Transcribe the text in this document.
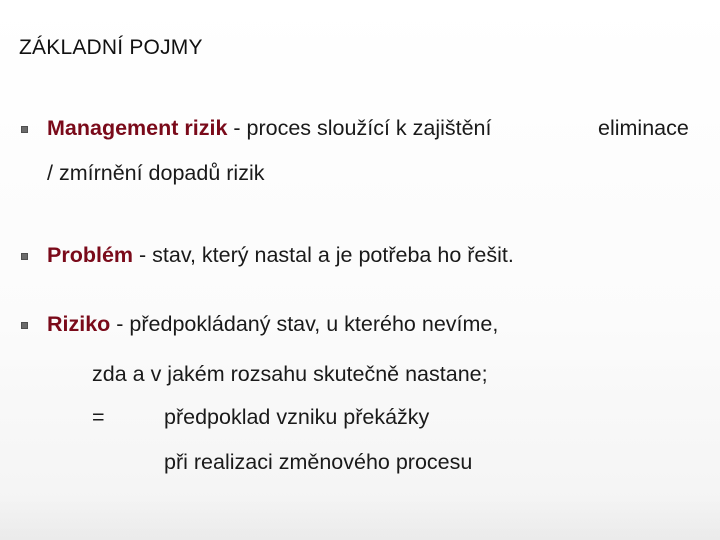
ZÁKLADNÍ POJMY
Management rizik - proces sloužící k zajištění	eliminace
/ zmírnění dopadů rizik
Problém - stav, který nastal a je potřeba ho řešit.
Riziko - předpokládaný stav, u kterého nevíme,
zda a v jakém rozsahu skutečně nastane;
=	předpoklad vzniku překážky
při realizaci změnového procesu
